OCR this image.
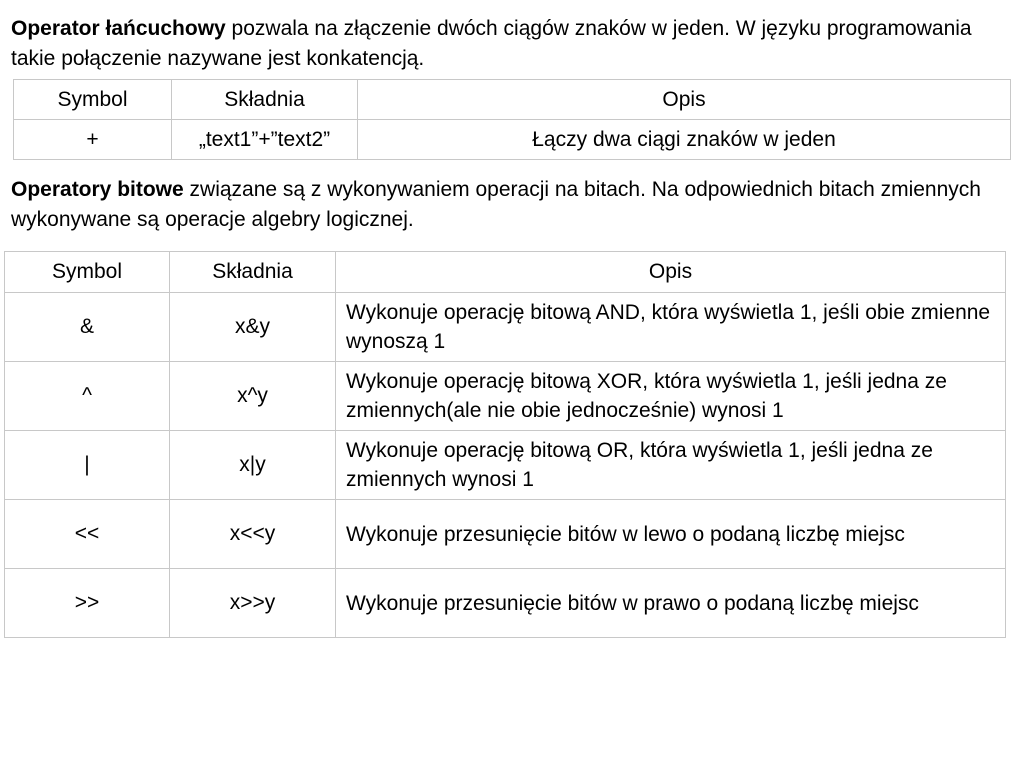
Operator łańcuchowy pozwala na złączenie dwóch ciągów znaków w jeden. W języku programowania takie połączenie nazywane jest konkatencją.

Symbol	Składnia	Opis
+	„text1”+”text2”	Łączy dwa ciągi znaków w jeden

Operatory bitowe związane są z wykonywaniem operacji na bitach. Na odpowiednich bitach zmiennych wykonywane są operacje algebry logicznej.

Symbol	Składnia	Opis
&	x&y	Wykonuje operację bitową AND, która wyświetla 1, jeśli obie zmienne wynoszą 1
^	x^y	Wykonuje operację bitową XOR, która wyświetla 1, jeśli jedna ze zmiennych(ale nie obie jednocześnie) wynosi 1
|	x|y	Wykonuje operację bitową OR, która wyświetla 1, jeśli jedna ze zmiennych wynosi 1
<<	x<<y	Wykonuje przesunięcie bitów w lewo o podaną liczbę miejsc
>>	x>>y	Wykonuje przesunięcie bitów w prawo o podaną liczbę miejsc
